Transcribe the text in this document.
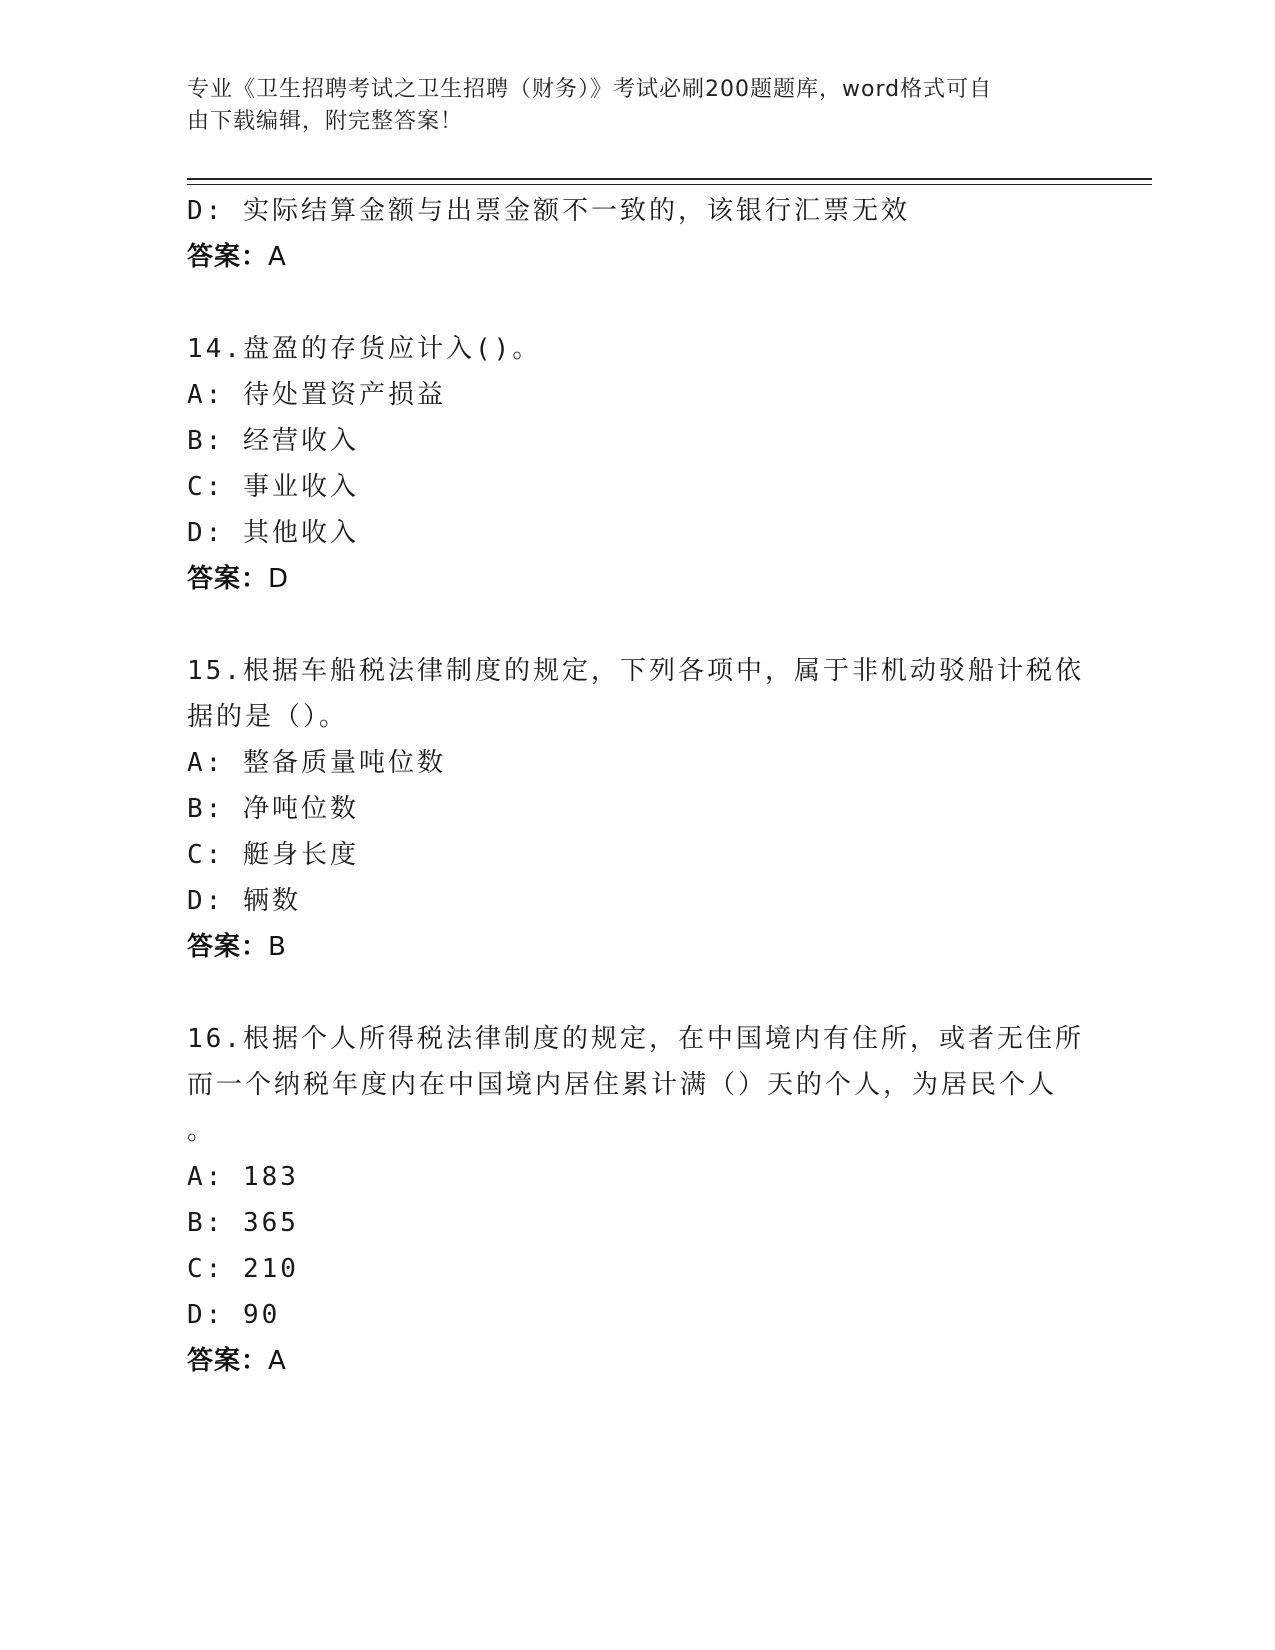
专业《卫生招聘考试之卫生招聘（财务）》考试必刷200题题库，word格式可自
由下载编辑，附完整答案！
D: 实际结算金额与出票金额不一致的，该银行汇票无效
答案：A
14.盘盈的存货应计入()。
A: 待处置资产损益
B: 经营收入
C: 事业收入
D: 其他收入
答案：D
15.根据车船税法律制度的规定，下列各项中，属于非机动驳船计税依
据的是（）。
A: 整备质量吨位数
B: 净吨位数
C: 艇身长度
D: 辆数
答案：B
16.根据个人所得税法律制度的规定，在中国境内有住所，或者无住所
而一个纳税年度内在中国境内居住累计满（）天的个人，为居民个人
。
A: 183
B: 365
C: 210
D: 90
答案：A
